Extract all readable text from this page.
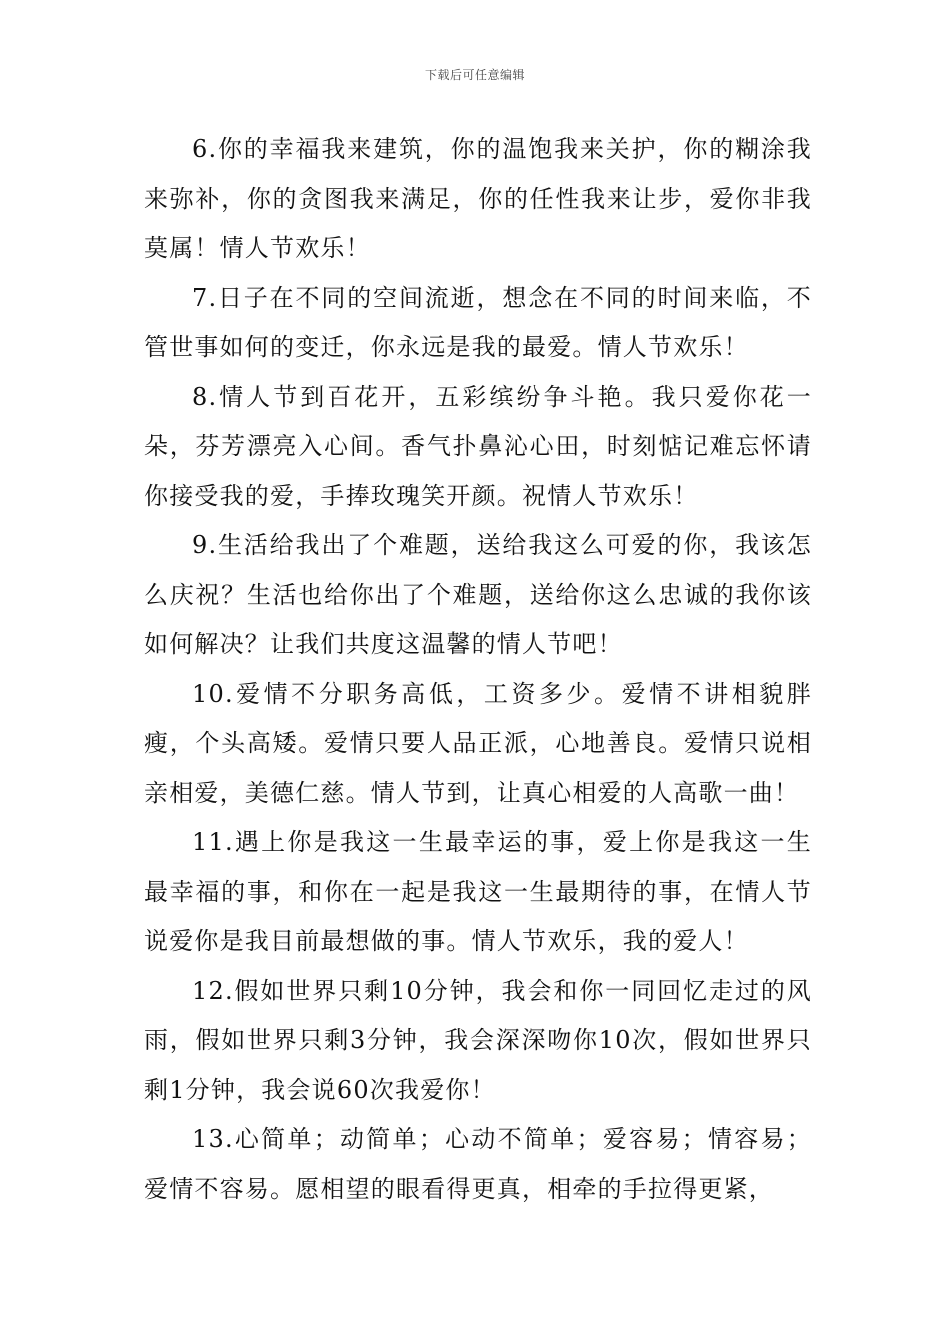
下载后可任意编辑

6.你的幸福我来建筑，你的温饱我来关护，你的糊涂我来弥补，你的贪图我来满足，你的任性我来让步，爱你非我莫属！情人节欢乐！

7.日子在不同的空间流逝，想念在不同的时间来临，不管世事如何的变迁，你永远是我的最爱。情人节欢乐！

8.情人节到百花开，五彩缤纷争斗艳。我只爱你花一朵，芬芳漂亮入心间。香气扑鼻沁心田，时刻惦记难忘怀请你接受我的爱，手捧玫瑰笑开颜。祝情人节欢乐！

9.生活给我出了个难题，送给我这么可爱的你，我该怎么庆祝？生活也给你出了个难题，送给你这么忠诚的我你该如何解决？让我们共度这温馨的情人节吧！

10.爱情不分职务高低，工资多少。爱情不讲相貌胖瘦，个头高矮。爱情只要人品正派，心地善良。爱情只说相亲相爱，美德仁慈。情人节到，让真心相爱的人高歌一曲！

11.遇上你是我这一生最幸运的事，爱上你是我这一生最幸福的事，和你在一起是我这一生最期待的事，在情人节说爱你是我目前最想做的事。情人节欢乐，我的爱人！

12.假如世界只剩10分钟，我会和你一同回忆走过的风雨，假如世界只剩3分钟，我会深深吻你10次，假如世界只剩1分钟，我会说60次我爱你！

13.心简单；动简单；心动不简单；爱容易；情容易；爱情不容易。愿相望的眼看得更真，相牵的手拉得更紧，
